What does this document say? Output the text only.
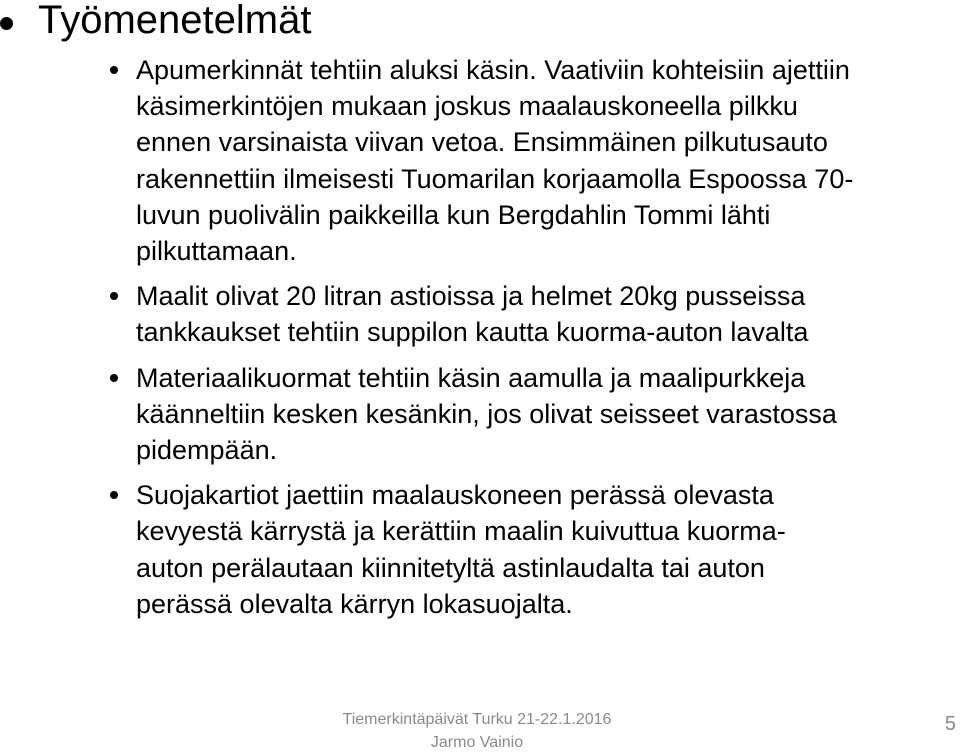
Työmenetelmät
Apumerkinnät tehtiin aluksi käsin. Vaativiin kohteisiin ajettiin
käsimerkintöjen mukaan joskus maalauskoneella pilkku
ennen varsinaista viivan vetoa. Ensimmäinen pilkutusauto
rakennettiin ilmeisesti Tuomarilan korjaamolla Espoossa 70-
luvun puolivälin paikkeilla kun Bergdahlin Tommi lähti
pilkuttamaan.
Maalit olivat 20 litran astioissa ja helmet 20kg pusseissa
tankkaukset tehtiin suppilon kautta kuorma-auton lavalta
Materiaalikuormat tehtiin käsin aamulla ja maalipurkkeja
käänneltiin kesken kesänkin, jos olivat seisseet varastossa
pidempään.
Suojakartiot jaettiin maalauskoneen perässä olevasta
kevyestä kärrystä ja kerättiin maalin kuivuttua kuorma-
auton perälautaan kiinnitetyltä astinlaudalta tai auton
perässä olevalta kärryn lokasuojalta.
Tiemerkintäpäivät Turku 21-22.1.2016
Jarmo Vainio
5
